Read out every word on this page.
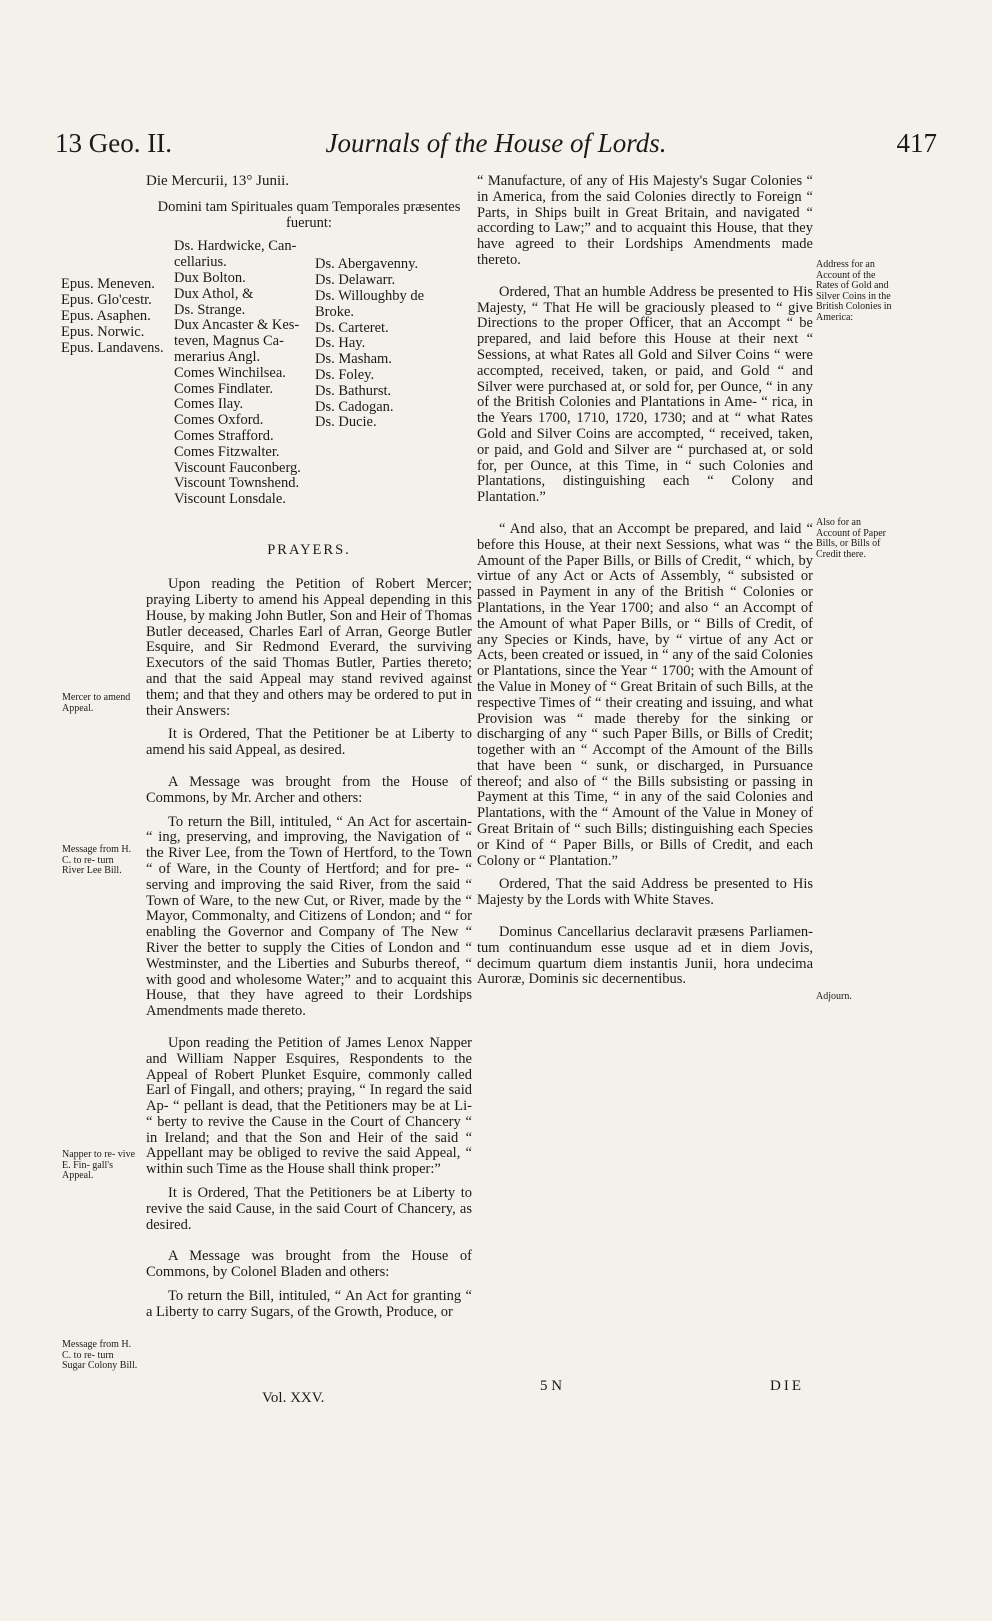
13 Geo. II.	Journals of the House of Lords.	417

Die Mercurii, 13° Junii.

Domini tam Spirituales quam Temporales præsentes fuerunt:

Epus. Meneven.
Epus. Glo'cestr.
Epus. Asaphen.
Epus. Norwic.
Epus. Landavens.
Ds. Hardwicke, Can-
cellarius.
Dux Bolton.
Dux Athol, &
Ds. Strange.
Dux Ancaster & Kes-
teven, Magnus Ca-
merarius Angl.
Comes Winchilsea.
Comes Findlater.
Comes Ilay.
Comes Oxford.
Comes Strafford.
Comes Fitzwalter.
Viscount Fauconberg.
Viscount Townshend.
Viscount Lonsdale.
Ds. Abergavenny.
Ds. Delawarr.
Ds. Willoughby de
Broke.
Ds. Carteret.
Ds. Hay.
Ds. Masham.
Ds. Foley.
Ds. Bathurst.
Ds. Cadogan.
Ds. Ducie.

PRAYERS.

Upon reading the Petition of Robert Mercer; praying Liberty to amend his Appeal depending in this House, by making John Butler, Son and Heir of Thomas Butler deceased, Charles Earl of Arran, George Butler Esquire, and Sir Redmond Everard, the surviving Executors of the said Thomas Butler, Parties thereto; and that the said Appeal may stand revived against them; and that they and others may be ordered to put in their Answers:

It is Ordered, That the Petitioner be at Liberty to amend his said Appeal, as desired.

A Message was brought from the House of Commons, by Mr. Archer and others:

To return the Bill, intituled, “ An Act for ascertain- “ ing, preserving, and improving, the Navigation of “ the River Lee, from the Town of Hertford, to the Town “ of Ware, in the County of Hertford; and for pre- “ serving and improving the said River, from the said “ Town of Ware, to the new Cut, or River, made by the “ Mayor, Commonalty, and Citizens of London; and “ for enabling the Governor and Company of The New “ River the better to supply the Cities of London and “ Westminster, and the Liberties and Suburbs thereof, “ with good and wholesome Water;” and to acquaint this House, that they have agreed to their Lordships Amendments made thereto.

Upon reading the Petition of James Lenox Napper and William Napper Esquires, Respondents to the Appeal of Robert Plunket Esquire, commonly called Earl of Fingall, and others; praying, “ In regard the said Ap- “ pellant is dead, that the Petitioners may be at Li- “ berty to revive the Cause in the Court of Chancery “ in Ireland; and that the Son and Heir of the said “ Appellant may be obliged to revive the said Appeal, “ within such Time as the House shall think proper:”

It is Ordered, That the Petitioners be at Liberty to revive the said Cause, in the said Court of Chancery, as desired.

A Message was brought from the House of Commons, by Colonel Bladen and others:

To return the Bill, intituled, “ An Act for granting “ a Liberty to carry Sugars, of the Growth, Produce, or

“ Manufacture, of any of His Majesty's Sugar Colonies “ in America, from the said Colonies directly to Foreign “ Parts, in Ships built in Great Britain, and navigated “ according to Law;” and to acquaint this House, that they have agreed to their Lordships Amendments made thereto.

Ordered, That an humble Address be presented to His Majesty, “ That He will be graciously pleased to “ give Directions to the proper Officer, that an Accompt “ be prepared, and laid before this House at their next “ Sessions, at what Rates all Gold and Silver Coins “ were accompted, received, taken, or paid, and Gold “ and Silver were purchased at, or sold for, per Ounce, “ in any of the British Colonies and Plantations in Ame- “ rica, in the Years 1700, 1710, 1720, 1730; and at “ what Rates Gold and Silver Coins are accompted, “ received, taken, or paid, and Gold and Silver are “ purchased at, or sold for, per Ounce, at this Time, in “ such Colonies and Plantations, distinguishing each “ Colony and Plantation.”

“ And also, that an Accompt be prepared, and laid “ before this House, at their next Sessions, what was “ the Amount of the Paper Bills, or Bills of Credit, “ which, by virtue of any Act or Acts of Assembly, “ subsisted or passed in Payment in any of the British “ Colonies or Plantations, in the Year 1700; and also “ an Accompt of the Amount of what Paper Bills, or “ Bills of Credit, of any Species or Kinds, have, by “ virtue of any Act or Acts, been created or issued, in “ any of the said Colonies or Plantations, since the Year “ 1700; with the Amount of the Value in Money of “ Great Britain of such Bills, at the respective Times of “ their creating and issuing, and what Provision was “ made thereby for the sinking or discharging of any “ such Paper Bills, or Bills of Credit; together with an “ Accompt of the Amount of the Bills that have been “ sunk, or discharged, in Pursuance thereof; and also of “ the Bills subsisting or passing in Payment at this Time, “ in any of the said Colonies and Plantations, with the “ Amount of the Value in Money of Great Britain of “ such Bills; distinguishing each Species or Kind of “ Paper Bills, or Bills of Credit, and each Colony or “ Plantation.”

Ordered, That the said Address be presented to His Majesty by the Lords with White Staves.

Dominus Cancellarius declaravit præsens Parliamen- tum continuandum esse usque ad et in diem Jovis, decimum quartum diem instantis Junii, hora undecima Auroræ, Dominis sic decernentibus.

Mercer to amend Appeal.
Message from H. C. to re- turn River Lee Bill.
Napper to re- vive E. Fin- gall's Appeal.
Message from H. C. to re- turn Sugar Colony Bill.
Address for an Account of the Rates of Gold and Silver Coins in the British Colonies in America:
Also for an Account of Paper Bills, or Bills of Credit there.
Adjourn.
Vol. XXV.
5 N	DIE
